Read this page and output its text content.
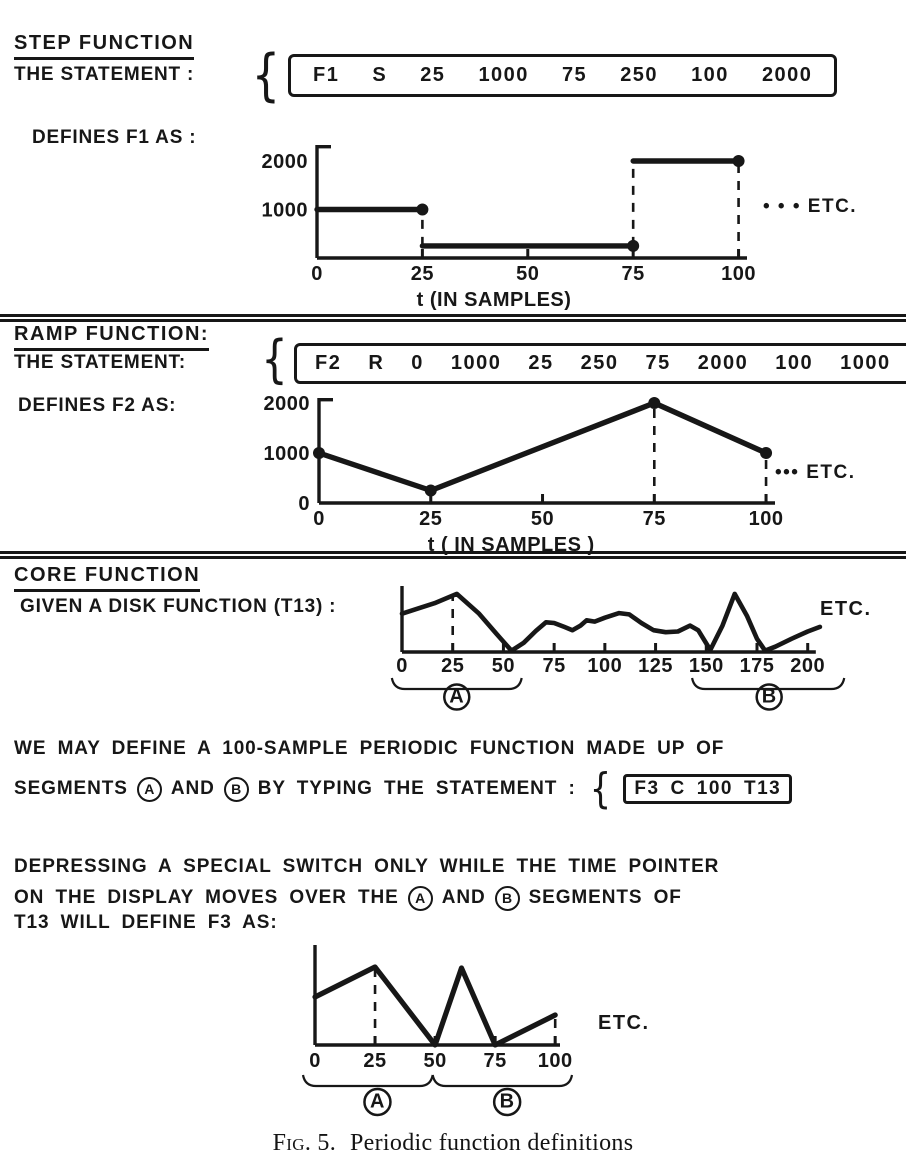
STEP FUNCTION
THE STATEMENT : { F1 S 25 1000 75 250 100 2000
DEFINES F1 AS :
0	25	50	75	100
1000
2000
t (IN SAMPLES)
• • • ETC.
RAMP FUNCTION:
THE STATEMENT: { F2 R 0 1000 25 250 75 2000 100 1000
DEFINES F2 AS:
0	25	50	75	100
0
1000
2000
t ( IN SAMPLES )
••• ETC.
CORE FUNCTION
GIVEN A DISK FUNCTION (T13) :
0 25 50 75 100 125 150 175 200
A	B
ETC.
WE MAY DEFINE A 100-SAMPLE PERIODIC FUNCTION MADE UP OF
SEGMENTS	A AND	B BY TYPING THE STATEMENT : { F3 C 100 T13
DEPRESSING A SPECIAL SWITCH ONLY WHILE THE TIME POINTER
ON THE DISPLAY MOVES OVER THE	A AND	B SEGMENTS OF
T13 WILL DEFINE F3 AS:
0 25 50 75 100
A	B
ETC.
Fig. 5. Periodic function definitions
